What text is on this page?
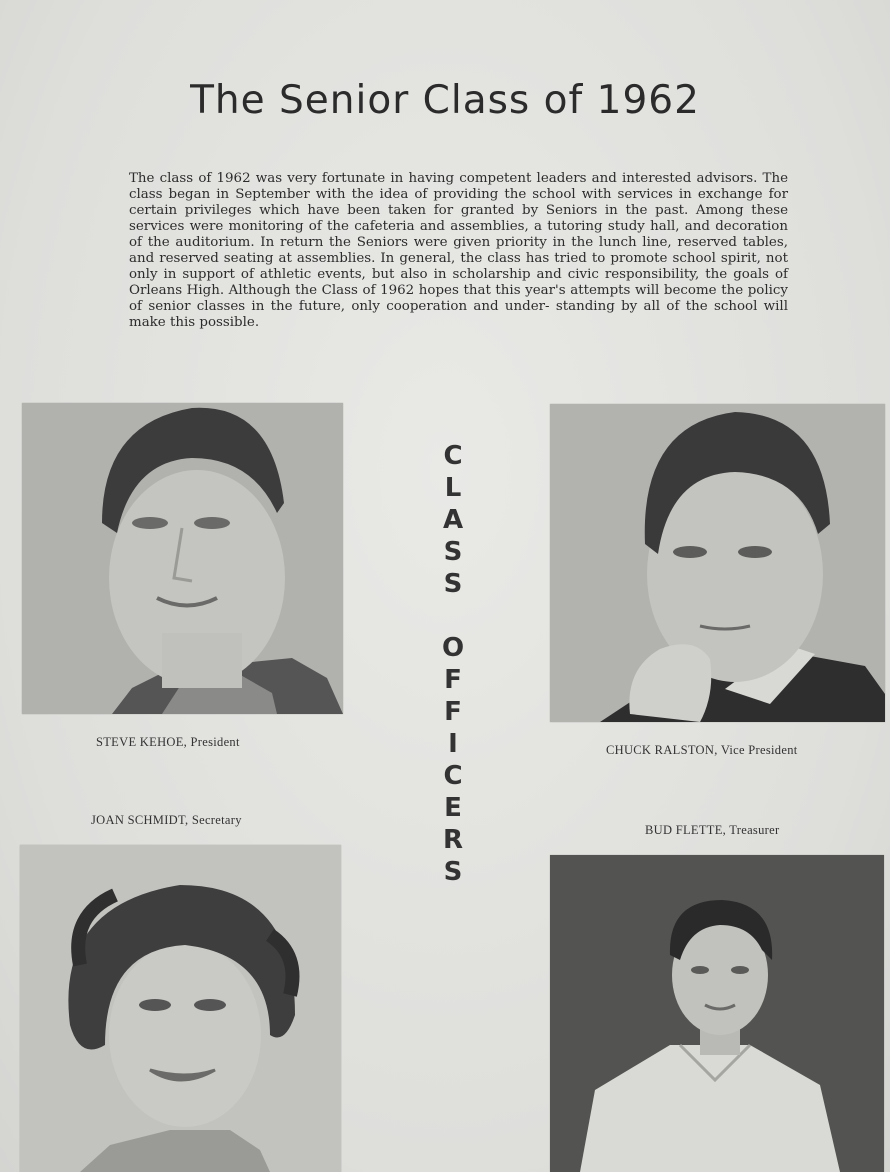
The Senior Class of 1962

The class of 1962 was very fortunate in having competent leaders and interested advisors. The class began in September with the idea of providing the school with services in exchange for certain privileges which have been taken for granted by Seniors in the past. Among these services were monitoring of the cafeteria and assemblies, a tutoring study hall, and decoration of the auditorium. In return the Seniors were given priority in the lunch line, reserved tables, and reserved seating at assemblies. In general, the class has tried to promote school spirit, not only in support of athletic events, but also in scholarship and civic responsibility, the goals of Orleans High. Although the Class of 1962 hopes that this year's attempts will become the policy of senior classes in the future, only cooperation and under- standing by all of the school will make this possible.

C
L
A
S
S
O
F
F
I
C
E
R
S
STEVE KEHOE, President
CHUCK RALSTON, Vice President
JOAN SCHMIDT, Secretary
BUD FLETTE, Treasurer
